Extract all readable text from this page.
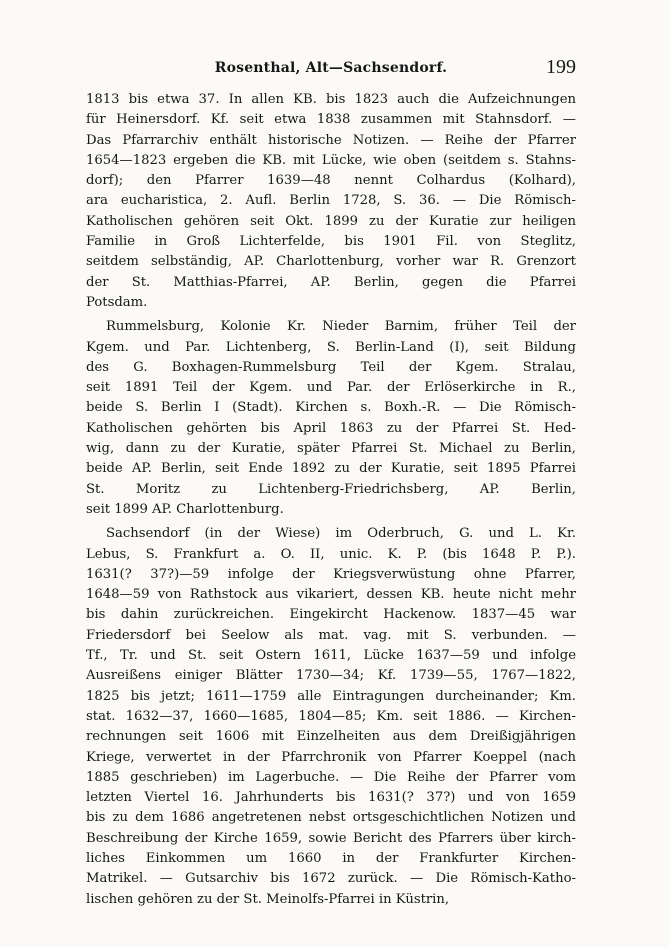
Rosenthal, Alt—Sachsendorf.	199
1813 bis etwa 37. In allen KB. bis 1823 auch die Aufzeichnungen
für Heinersdorf. Kf. seit etwa 1838 zusammen mit Stahnsdorf. —
Das Pfarrarchiv enthält historische Notizen. — Reihe der Pfarrer
1654—1823 ergeben die KB. mit Lücke, wie oben (seitdem s. Stahns-
dorf); den Pfarrer 1639—48 nennt Colhardus (Kolhard),
ara eucharistica, 2. Aufl. Berlin 1728, S. 36. — Die Römisch-
Katholischen gehören seit Okt. 1899 zu der Kuratie zur heiligen
Familie in Groß Lichterfelde, bis 1901 Fil. von Steglitz,
seitdem selbständig, AP. Charlottenburg, vorher war R. Grenzort
der St. Matthias-Pfarrei, AP. Berlin, gegen die Pfarrei
Potsdam.
Rummelsburg, Kolonie Kr. Nieder Barnim, früher Teil der
Kgem. und Par. Lichtenberg, S. Berlin-Land (I), seit Bildung
des G. Boxhagen-Rummelsburg Teil der Kgem. Stralau,
seit 1891 Teil der Kgem. und Par. der Erlöserkirche in R.,
beide S. Berlin I (Stadt). Kirchen s. Boxh.-R. — Die Römisch-
Katholischen gehörten bis April 1863 zu der Pfarrei St. Hed-
wig, dann zu der Kuratie, später Pfarrei St. Michael zu Berlin,
beide AP. Berlin, seit Ende 1892 zu der Kuratie, seit 1895 Pfarrei
St. Moritz zu Lichtenberg-Friedrichsberg, AP. Berlin,
seit 1899 AP. Charlottenburg.
Sachsendorf (in der Wiese) im Oderbruch, G. und L. Kr.
Lebus, S. Frankfurt a. O. II, unic. K. P. (bis 1648 P. P.).
1631(? 37?)—59 infolge der Kriegsverwüstung ohne Pfarrer,
1648—59 von Rathstock aus vikariert, dessen KB. heute nicht mehr
bis dahin zurückreichen. Eingekircht Hackenow. 1837—45 war
Friedersdorf bei Seelow als mat. vag. mit S. verbunden. —
Tf., Tr. und St. seit Ostern 1611, Lücke 1637—59 und infolge
Ausreißens einiger Blätter 1730—34; Kf. 1739—55, 1767—1822,
1825 bis jetzt; 1611—1759 alle Eintragungen durcheinander; Km.
stat. 1632—37, 1660—1685, 1804—85; Km. seit 1886. — Kirchen-
rechnungen seit 1606 mit Einzelheiten aus dem Dreißigjährigen
Kriege, verwertet in der Pfarrchronik von Pfarrer Koeppel (nach
1885 geschrieben) im Lagerbuche. — Die Reihe der Pfarrer vom
letzten Viertel 16. Jahrhunderts bis 1631(? 37?) und von 1659
bis zu dem 1686 angetretenen nebst ortsgeschichtlichen Notizen und
Beschreibung der Kirche 1659, sowie Bericht des Pfarrers über kirch-
liches Einkommen um 1660 in der Frankfurter Kirchen-
Matrikel. — Gutsarchiv bis 1672 zurück. — Die Römisch-Katho-
lischen gehören zu der St. Meinolfs-Pfarrei in Küstrin,
